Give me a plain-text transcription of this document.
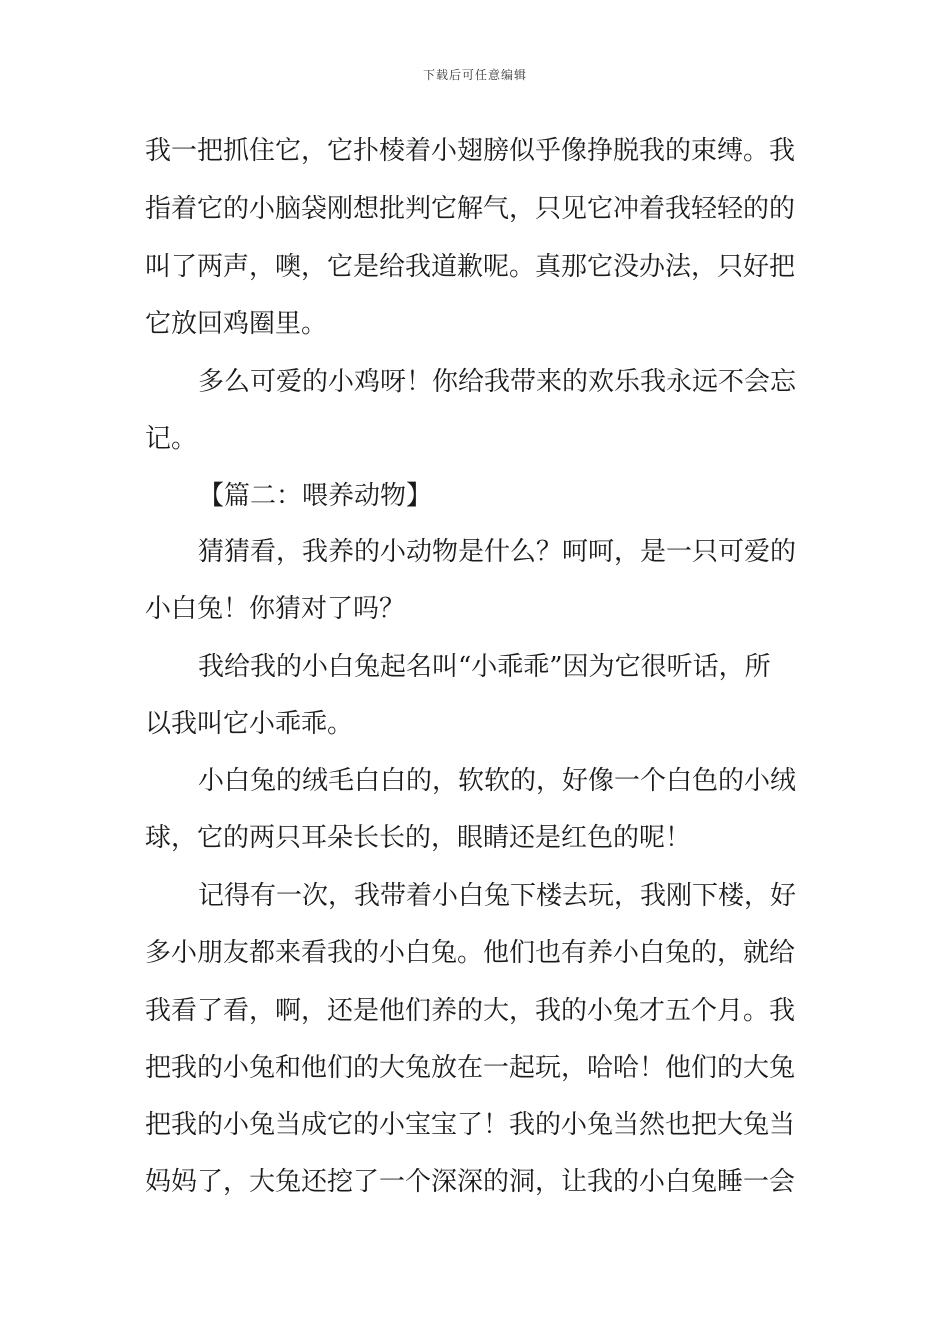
下载后可任意编辑
我一把抓住它，它扑棱着小翅膀似乎像挣脱我的束缚。我
指着它的小脑袋刚想批判它解气，只见它冲着我轻轻的的
叫了两声，噢，它是给我道歉呢。真那它没办法，只好把
它放回鸡圈里。
多么可爱的小鸡呀！你给我带来的欢乐我永远不会忘
记。
【篇二：喂养动物】
猜猜看，我养的小动物是什么？呵呵，是一只可爱的
小白兔！你猜对了吗？
我给我的小白兔起名叫“小乖乖”因为它很听话，所
以我叫它小乖乖。
小白兔的绒毛白白的，软软的，好像一个白色的小绒
球，它的两只耳朵长长的，眼睛还是红色的呢！
记得有一次，我带着小白兔下楼去玩，我刚下楼，好
多小朋友都来看我的小白兔。他们也有养小白兔的，就给
我看了看，啊，还是他们养的大，我的小兔才五个月。我
把我的小兔和他们的大兔放在一起玩，哈哈！他们的大兔
把我的小兔当成它的小宝宝了！我的小兔当然也把大兔当
妈妈了，大兔还挖了一个深深的洞，让我的小白兔睡一会
